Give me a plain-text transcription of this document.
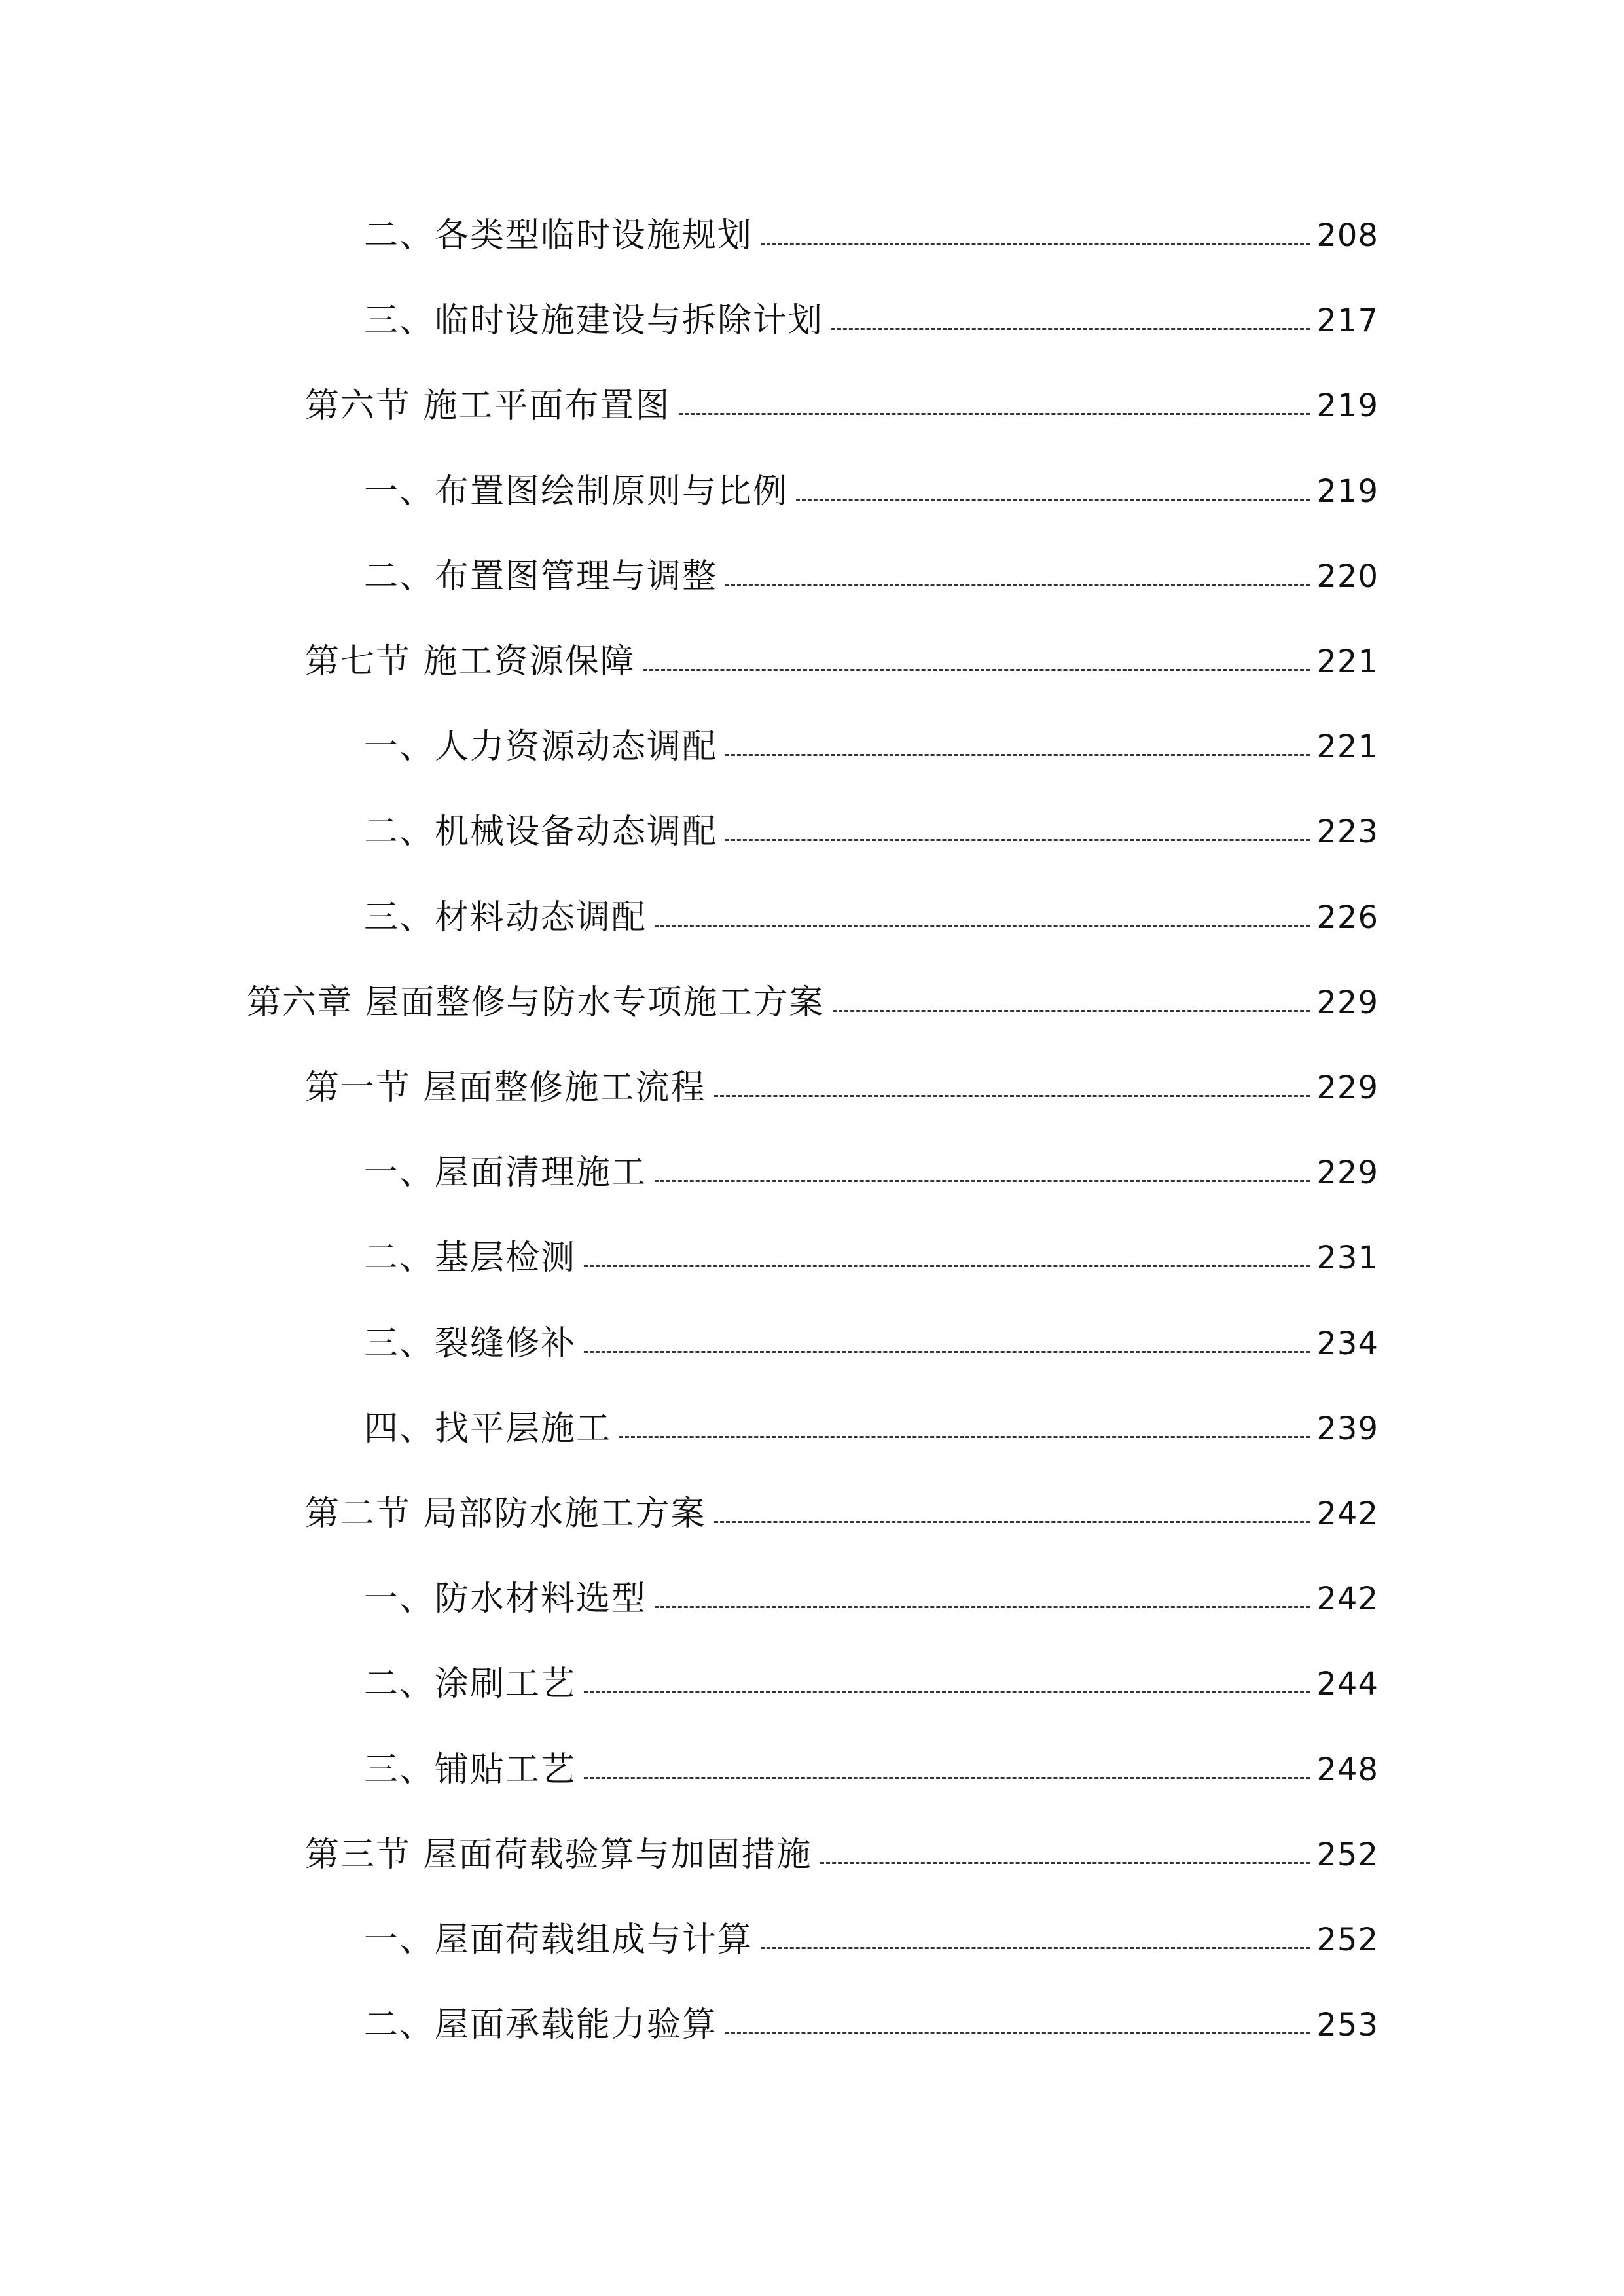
二、各类型临时设施规划	208
三、临时设施建设与拆除计划	217
第六节 施工平面布置图	219
一、布置图绘制原则与比例	219
二、布置图管理与调整	220
第七节 施工资源保障	221
一、人力资源动态调配	221
二、机械设备动态调配	223
三、材料动态调配	226
第六章 屋面整修与防水专项施工方案	229
第一节 屋面整修施工流程	229
一、屋面清理施工	229
二、基层检测	231
三、裂缝修补	234
四、找平层施工	239
第二节 局部防水施工方案	242
一、防水材料选型	242
二、涂刷工艺	244
三、铺贴工艺	248
第三节 屋面荷载验算与加固措施	252
一、屋面荷载组成与计算	252
二、屋面承载能力验算	253
